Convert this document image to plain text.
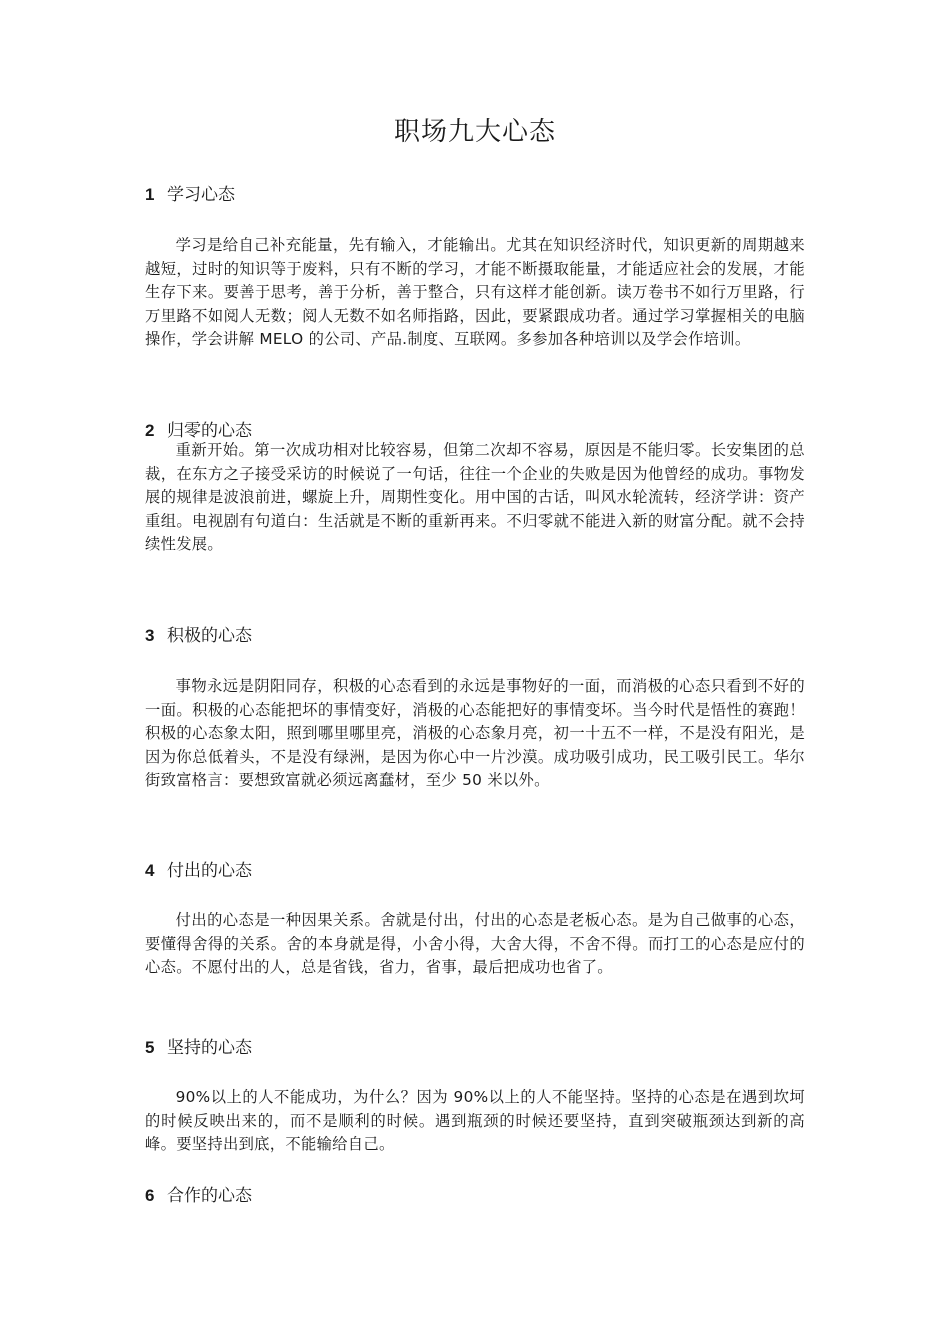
职场九大心态
1 学习心态
学习是给自己补充能量，先有输入，才能输出。尤其在知识经济时代，知识更新的周期越来越短，过时的知识等于废料，只有不断的学习，才能不断摄取能量，才能适应社会的发展，才能生存下来。要善于思考，善于分析，善于整合，只有这样才能创新。读万卷书不如行万里路，行万里路不如阅人无数；阅人无数不如名师指路，因此，要紧跟成功者。通过学习掌握相关的电脑操作，学会讲解 MELO 的公司、产品.制度、互联网。多参加各种培训以及学会作培训。
2 归零的心态
重新开始。第一次成功相对比较容易，但第二次却不容易，原因是不能归零。长安集团的总裁，在东方之子接受采访的时候说了一句话，往往一个企业的失败是因为他曾经的成功。事物发展的规律是波浪前进，螺旋上升，周期性变化。用中国的古话，叫风水轮流转，经济学讲：资产重组。电视剧有句道白：生活就是不断的重新再来。不归零就不能进入新的财富分配。就不会持续性发展。
3 积极的心态
事物永远是阴阳同存，积极的心态看到的永远是事物好的一面，而消极的心态只看到不好的一面。积极的心态能把坏的事情变好，消极的心态能把好的事情变坏。当今时代是悟性的赛跑！积极的心态象太阳，照到哪里哪里亮，消极的心态象月亮，初一十五不一样，不是没有阳光，是因为你总低着头，不是没有绿洲，是因为你心中一片沙漠。成功吸引成功，民工吸引民工。华尔街致富格言：要想致富就必须远离蠢材，至少 50 米以外。
4 付出的心态
付出的心态是一种因果关系。舍就是付出，付出的心态是老板心态。是为自己做事的心态，要懂得舍得的关系。舍的本身就是得，小舍小得，大舍大得，不舍不得。而打工的心态是应付的心态。不愿付出的人，总是省钱，省力，省事，最后把成功也省了。
5 坚持的心态
90%以上的人不能成功，为什么？因为 90%以上的人不能坚持。坚持的心态是在遇到坎坷的时候反映出来的，而不是顺利的时候。遇到瓶颈的时候还要坚持，直到突破瓶颈达到新的高峰。要坚持出到底，不能输给自己。
6 合作的心态
